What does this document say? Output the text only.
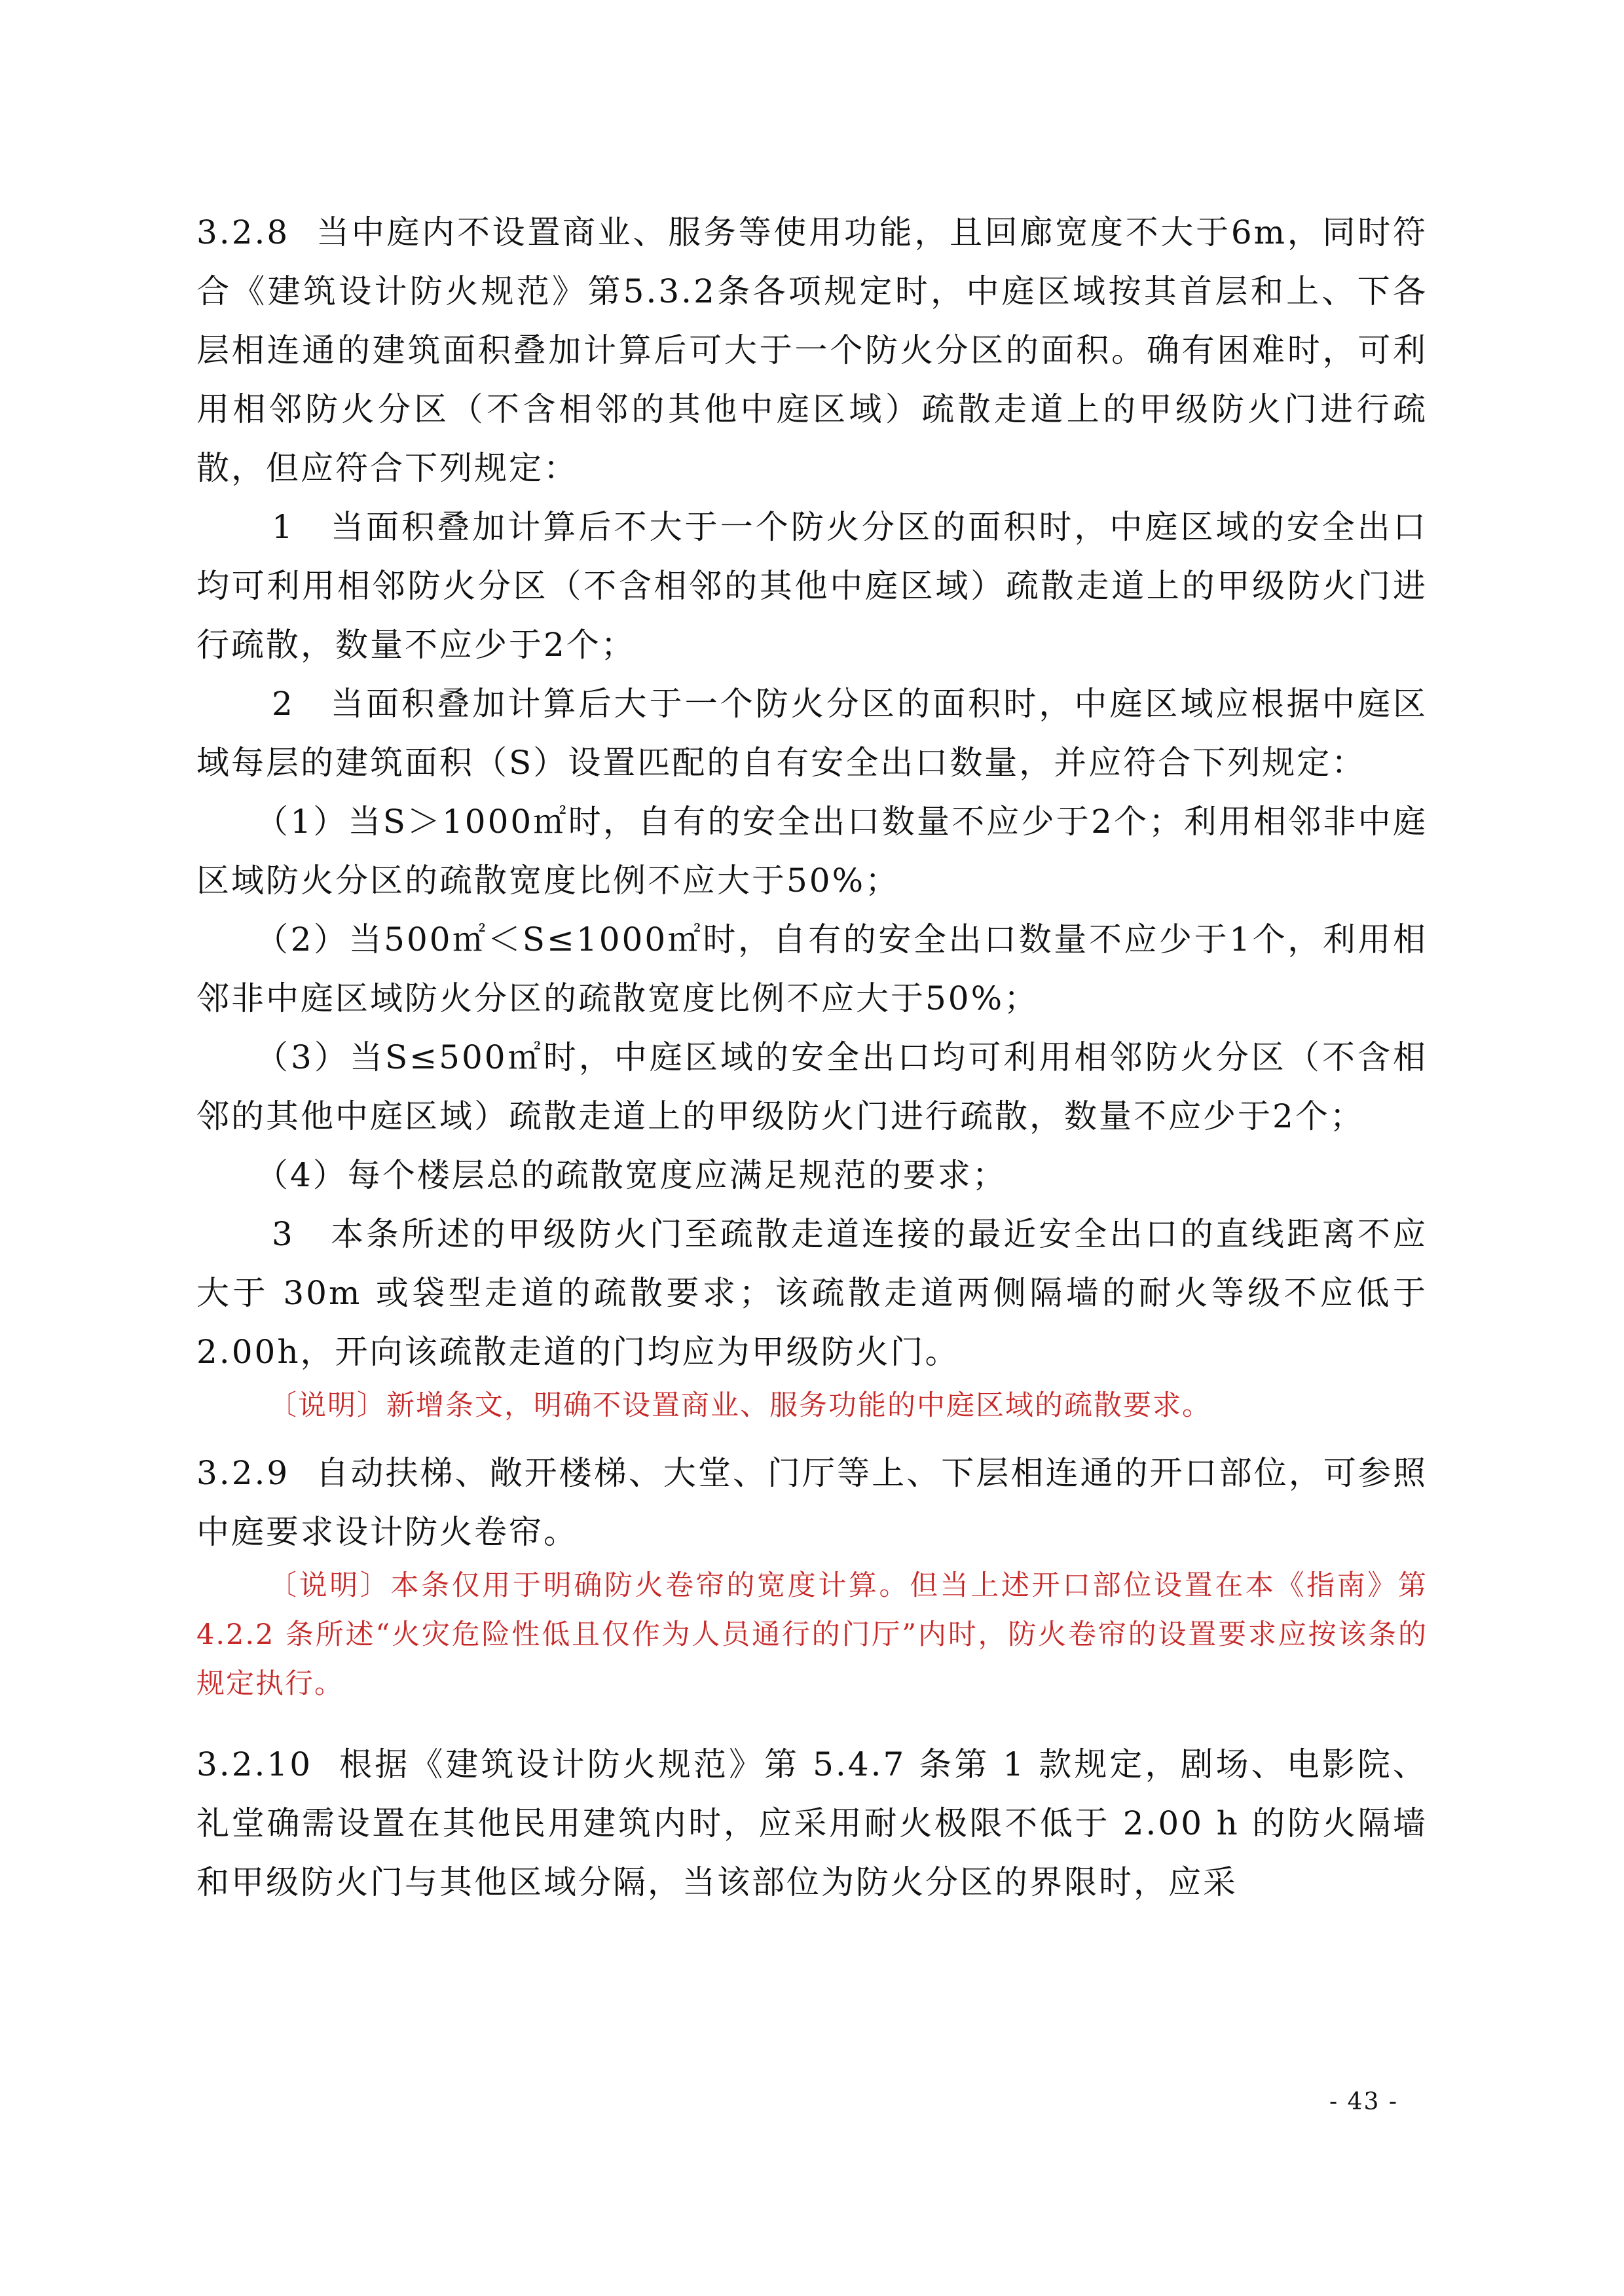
3.2.8 当中庭内不设置商业、服务等使用功能，且回廊宽度不大于6m，同时符合《建筑设计防火规范》第5.3.2条各项规定时，中庭区域按其首层和上、下各层相连通的建筑面积叠加计算后可大于一个防火分区的面积。确有困难时，可利用相邻防火分区（不含相邻的其他中庭区域）疏散走道上的甲级防火门进行疏散，但应符合下列规定：

1　当面积叠加计算后不大于一个防火分区的面积时，中庭区域的安全出口均可利用相邻防火分区（不含相邻的其他中庭区域）疏散走道上的甲级防火门进行疏散，数量不应少于2个；

2　当面积叠加计算后大于一个防火分区的面积时，中庭区域应根据中庭区域每层的建筑面积（S）设置匹配的自有安全出口数量，并应符合下列规定：

（1）当S＞1000㎡时，自有的安全出口数量不应少于2个；利用相邻非中庭区域防火分区的疏散宽度比例不应大于50%；

（2）当500㎡＜S≤1000㎡时，自有的安全出口数量不应少于1个，利用相邻非中庭区域防火分区的疏散宽度比例不应大于50%；

（3）当S≤500㎡时，中庭区域的安全出口均可利用相邻防火分区（不含相邻的其他中庭区域）疏散走道上的甲级防火门进行疏散，数量不应少于2个；

（4）每个楼层总的疏散宽度应满足规范的要求；

3　本条所述的甲级防火门至疏散走道连接的最近安全出口的直线距离不应大于 30m 或袋型走道的疏散要求；该疏散走道两侧隔墙的耐火等级不应低于 2.00h，开向该疏散走道的门均应为甲级防火门。

〔说明〕新增条文，明确不设置商业、服务功能的中庭区域的疏散要求。

3.2.9 自动扶梯、敞开楼梯、大堂、门厅等上、下层相连通的开口部位，可参照中庭要求设计防火卷帘。

〔说明〕本条仅用于明确防火卷帘的宽度计算。但当上述开口部位设置在本《指南》第 4.2.2 条所述“火灾危险性低且仅作为人员通行的门厅”内时，防火卷帘的设置要求应按该条的规定执行。

3.2.10 根据《建筑设计防火规范》第 5.4.7 条第 1 款规定，剧场、电影院、礼堂确需设置在其他民用建筑内时，应采用耐火极限不低于 2.00 h 的防火隔墙和甲级防火门与其他区域分隔，当该部位为防火分区的界限时，应采

- 43 -
